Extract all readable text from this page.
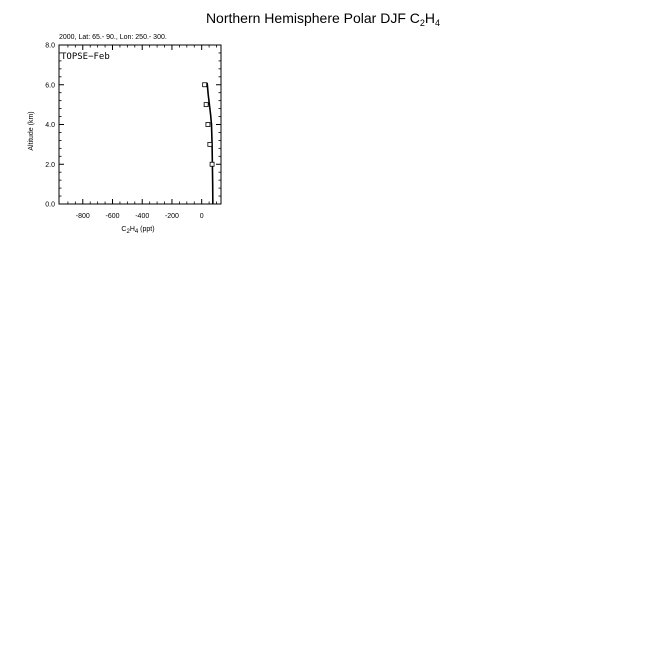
Northern Hemisphere Polar DJF $C_2H_4$
2000, Lat: 65.- 90., Lon: 250.- 300.
TOPSE−Feb
-800 -600 -400 -200	0
0.0
2.0
4.0
6.0
8.0
C2H4 (ppt)
Altitude (km)
